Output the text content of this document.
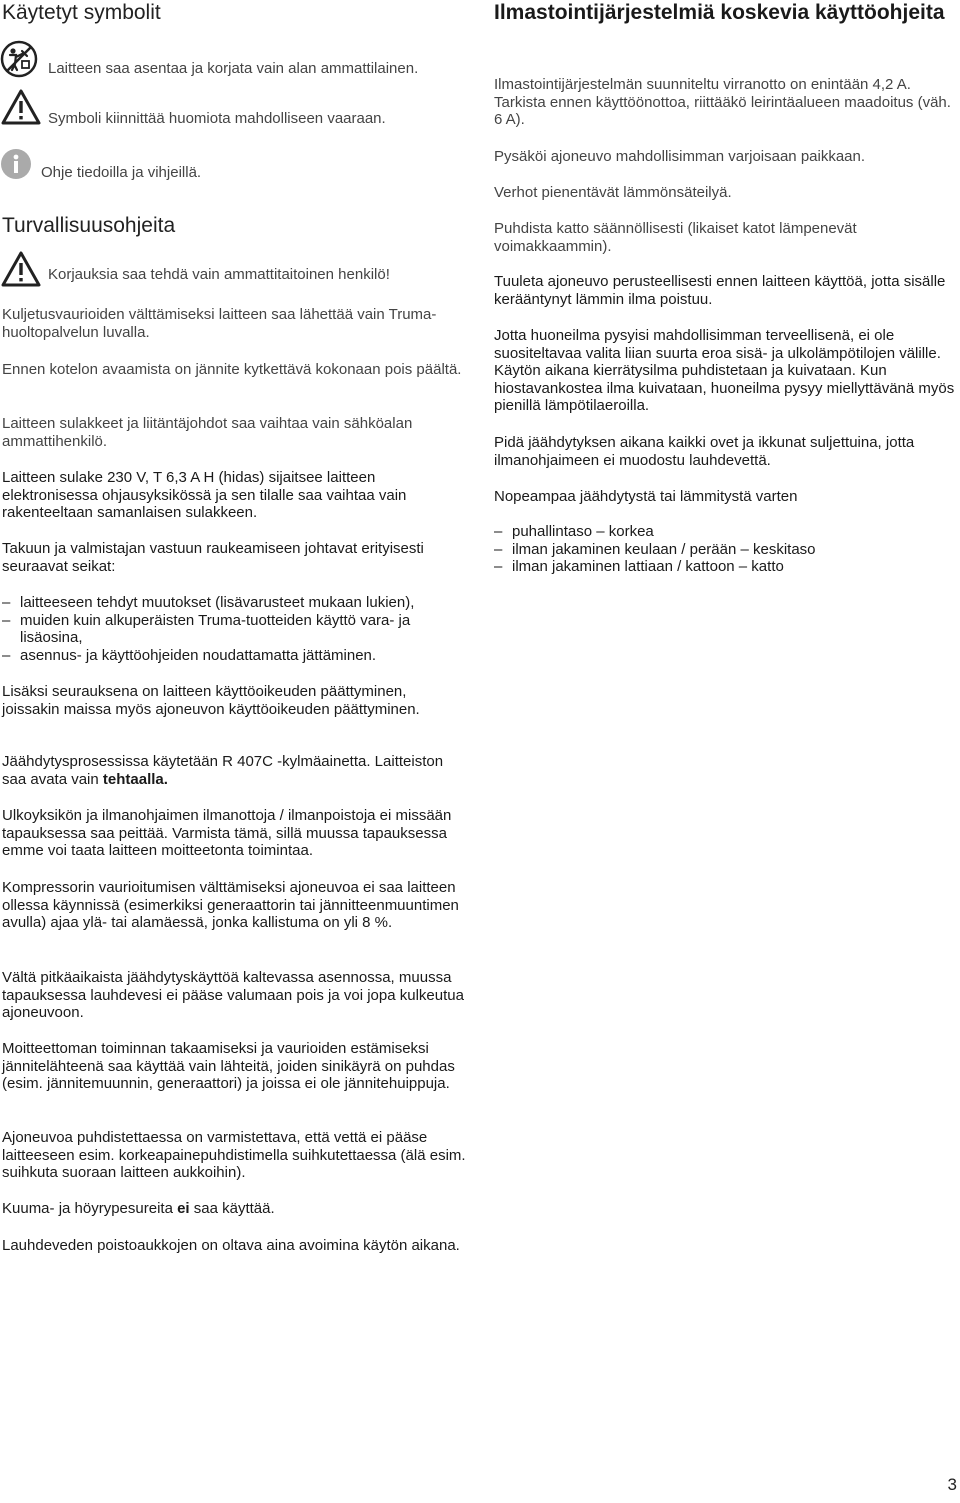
Käytetyt symbolit
Laitteen saa asentaa ja korjata vain alan ammattilainen.
Symboli kiinnittää huomiota mahdolliseen vaaraan.
Ohje tiedoilla ja vihjeillä.
Turvallisuusohjeita
Korjauksia saa tehdä vain ammattitaitoinen henkilö!
Kuljetusvaurioiden välttämiseksi laitteen saa lähettää vain Truma-huoltopalvelun luvalla.
Ennen kotelon avaamista on jännite kytkettävä kokonaan pois päältä.
Laitteen sulakkeet ja liitäntäjohdot saa vaihtaa vain sähköalan ammattihenkilö.
Laitteen sulake 230 V, T 6,3 A H (hidas) sijaitsee laitteen elektronisessa ohjausyksikössä ja sen tilalle saa vaihtaa vain rakenteeltaan samanlaisen sulakkeen.
Takuun ja valmistajan vastuun raukeamiseen johtavat erityisesti seuraavat seikat:
– laitteeseen tehdyt muutokset (lisävarusteet mukaan lukien),
– muiden kuin alkuperäisten Truma-tuotteiden käyttö vara- ja lisäosina,
– asennus- ja käyttöohjeiden noudattamatta jättäminen.
Lisäksi seurauksena on laitteen käyttöoikeuden päättyminen, joissakin maissa myös ajoneuvon käyttöoikeuden päättyminen.
Jäähdytysprosessissa käytetään R 407C -kylmäainetta. Laitteiston saa avata vain tehtaalla.
Ulkoyksikön ja ilmanohjaimen ilmanottoja / ilmanpoistoja ei missään tapauksessa saa peittää. Varmista tämä, sillä muussa tapauksessa emme voi taata laitteen moitteetonta toimintaa.
Kompressorin vaurioitumisen välttämiseksi ajoneuvoa ei saa laitteen ollessa käynnissä (esimerkiksi generaattorin tai jännitteenmuuntimen avulla) ajaa ylä- tai alamäessä, jonka kallistuma on yli 8 %.
Vältä pitkäaikaista jäähdytyskäyttöä kaltevassa asennossa, muussa tapauksessa lauhdevesi ei pääse valumaan pois ja voi jopa kulkeutua ajoneuvoon.
Moitteettoman toiminnan takaamiseksi ja vaurioiden estämiseksi jännitelähteenä saa käyttää vain lähteitä, joiden sinikäyrä on puhdas (esim. jännitemuunnin, generaattori) ja joissa ei ole jännitehuippuja.
Ajoneuvoa puhdistettaessa on varmistettava, että vettä ei pääse laitteeseen esim. korkeapainepuhdistimella suihkutettaessa (älä esim. suihkuta suoraan laitteen aukkoihin).
Kuuma- ja höyrypesureita ei saa käyttää.
Lauhdeveden poistoaukkojen on oltava aina avoimina käytön aikana.
Ilmastointijärjestelmiä koskevia käyttöohjeita
Ilmastointijärjestelmän suunniteltu virranotto on enintään 4,2 A. Tarkista ennen käyttöönottoa, riittääkö leirintäalueen maadoitus (väh. 6 A).
Pysäköi ajoneuvo mahdollisimman varjoisaan paikkaan.
Verhot pienentävät lämmönsäteilyä.
Puhdista katto säännöllisesti (likaiset katot lämpenevät voimakkaammin).
Tuuleta ajoneuvo perusteellisesti ennen laitteen käyttöä, jotta sisälle kerääntynyt lämmin ilma poistuu.
Jotta huoneilma pysyisi mahdollisimman terveellisenä, ei ole suositeltavaa valita liian suurta eroa sisä- ja ulkolämpötilojen välille. Käytön aikana kierrätysilma puhdistetaan ja kuivataan. Kun hiostavankostea ilma kuivataan, huoneilma pysyy miellyttävänä myös pienillä lämpötilaeroilla.
Pidä jäähdytyksen aikana kaikki ovet ja ikkunat suljettuina, jotta ilmanohjaimeen ei muodostu lauhdevettä.
Nopeampaa jäähdytystä tai lämmitystä varten
– puhallintaso – korkea
– ilman jakaminen keulaan / perään – keskitaso
– ilman jakaminen lattiaan / kattoon – katto
3
